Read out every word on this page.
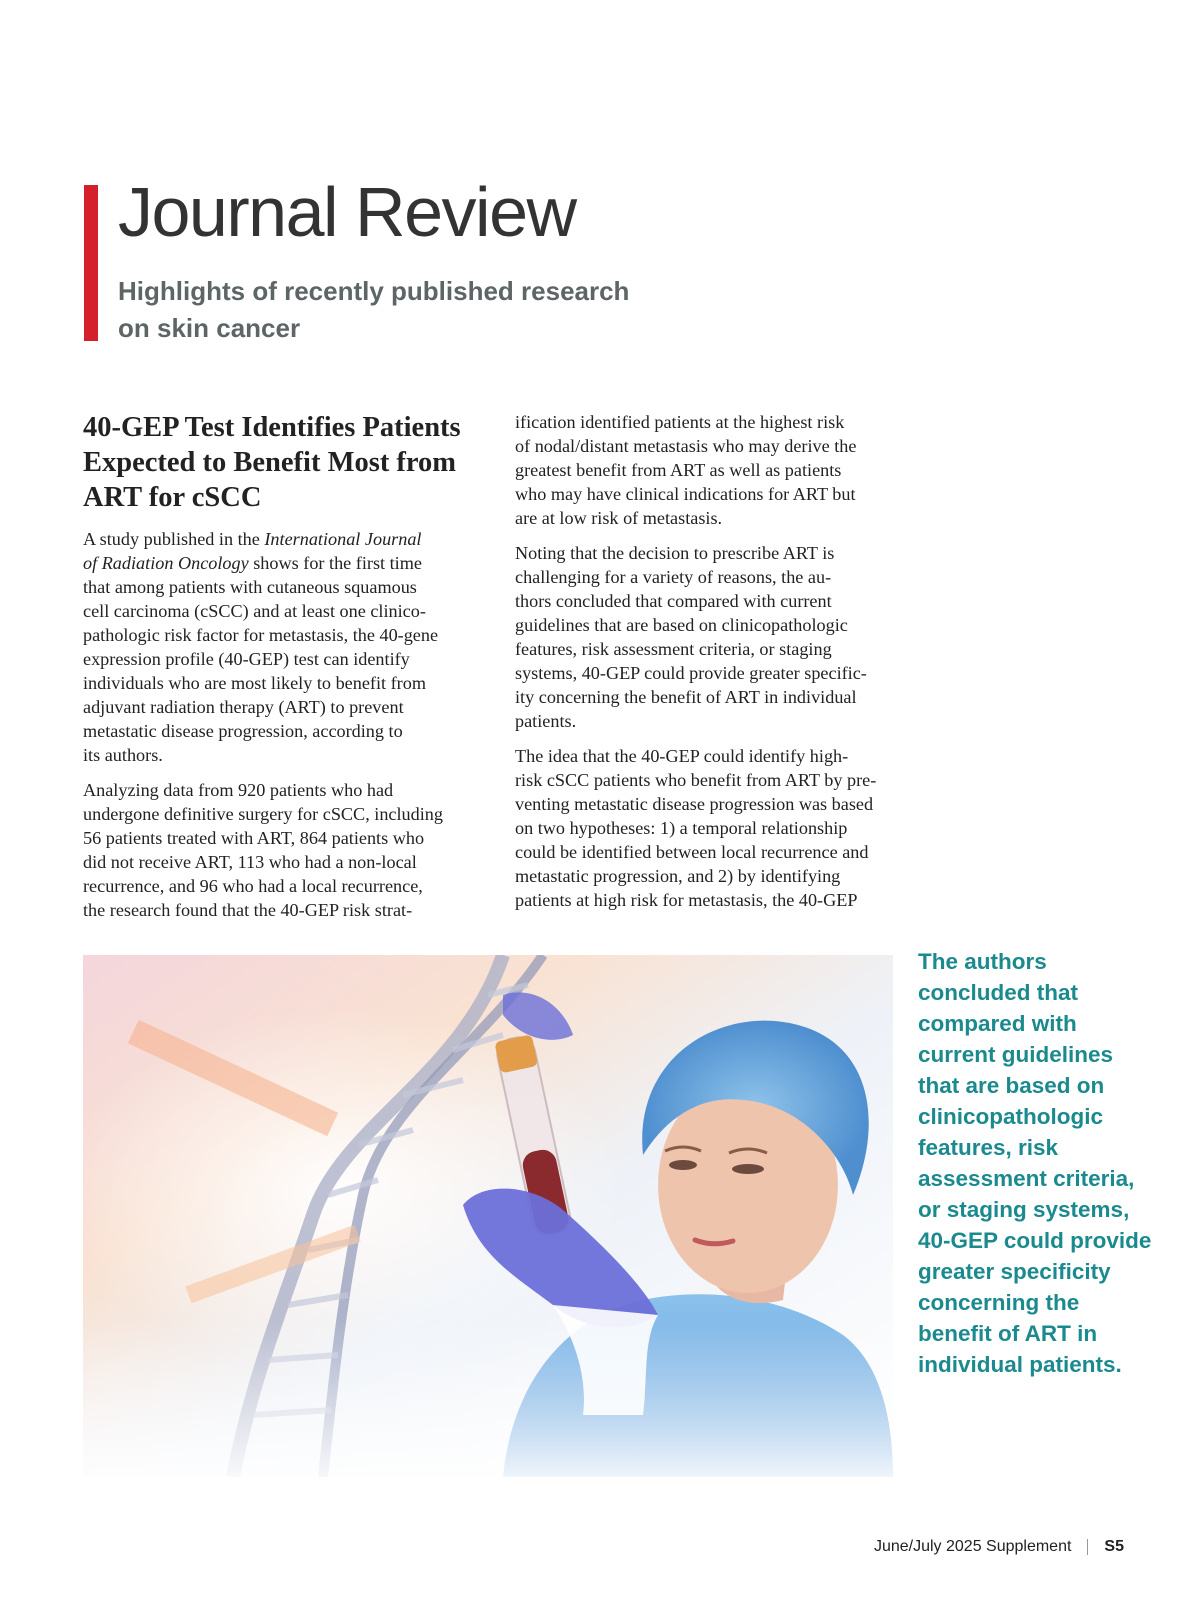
Journal Review

Highlights of recently published research on skin cancer

40-GEP Test Identifies Patients Expected to Benefit Most from ART for cSCC

A study published in the International Journal
of Radiation Oncology shows for the first time
that among patients with cutaneous squamous
cell carcinoma (cSCC) and at least one clinico-
pathologic risk factor for metastasis, the 40-gene
expression profile (40-GEP) test can identify
individuals who are most likely to benefit from
adjuvant radiation therapy (ART) to prevent
metastatic disease progression, according to
its authors.

Analyzing data from 920 patients who had
undergone definitive surgery for cSCC, including
56 patients treated with ART, 864 patients who
did not receive ART, 113 who had a non-local
recurrence, and 96 who had a local recurrence,
the research found that the 40-GEP risk strat-

ification identified patients at the highest risk
of nodal/distant metastasis who may derive the
greatest benefit from ART as well as patients
who may have clinical indications for ART but
are at low risk of metastasis.

Noting that the decision to prescribe ART is
challenging for a variety of reasons, the au-
thors concluded that compared with current
guidelines that are based on clinicopathologic
features, risk assessment criteria, or staging
systems, 40-GEP could provide greater specific-
ity concerning the benefit of ART in individual
patients.

The idea that the 40-GEP could identify high-
risk cSCC patients who benefit from ART by pre-
venting metastatic disease progression was based
on two hypotheses: 1) a temporal relationship
could be identified between local recurrence and
metastatic progression, and 2) by identifying
patients at high risk for metastasis, the 40-GEP

The authors
concluded that
compared with
current guidelines
that are based on
clinicopathologic
features, risk
assessment criteria,
or staging systems,
40-GEP could provide
greater specificity
concerning the
benefit of ART in
individual patients.

June/July 2025 Supplement S5
